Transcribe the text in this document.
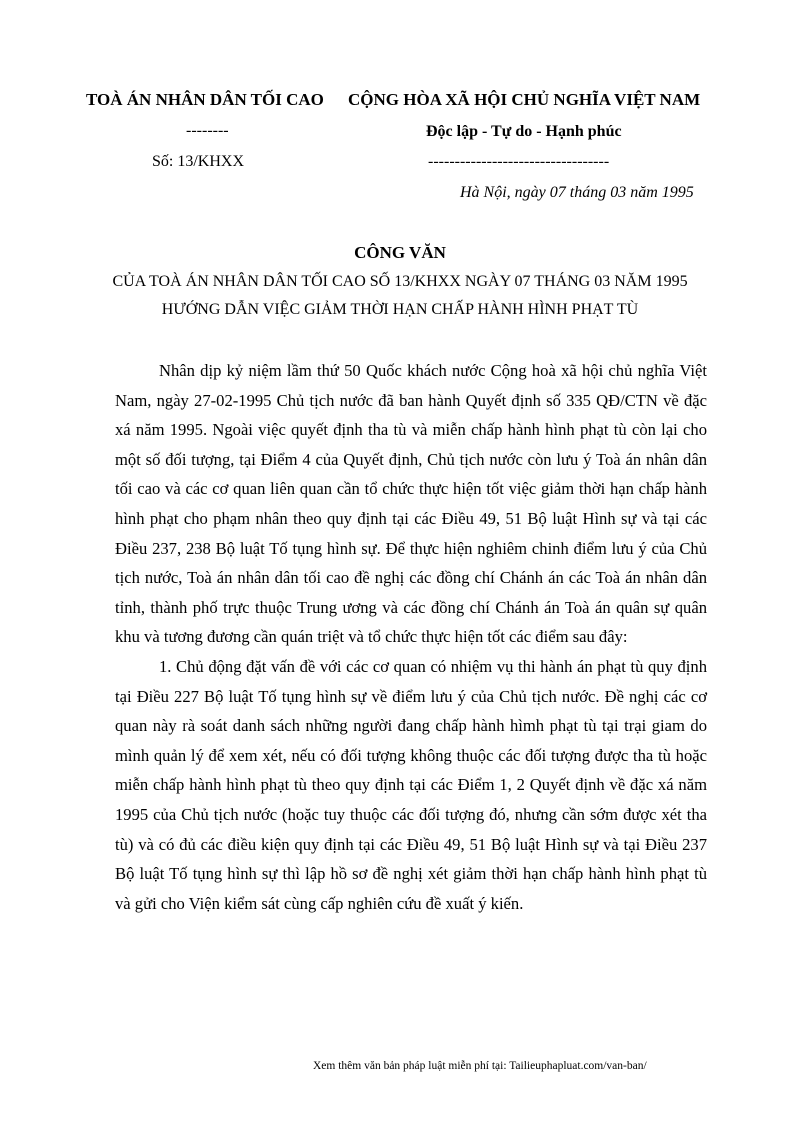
TOÀ ÁN NHÂN DÂN TỐI CAO
--------
Số: 13/KHXX
CỘNG HÒA XÃ HỘI CHỦ NGHĨA VIỆT NAM
Độc lập - Tự do - Hạnh phúc
----------------------------------
Hà Nội, ngày 07 tháng 03 năm 1995
CÔNG VĂN
CỦA TOÀ ÁN NHÂN DÂN TỐI CAO SỐ 13/KHXX NGÀY 07 THÁNG 03 NĂM 1995
HƯỚNG DẪN VIỆC GIẢM THỜI HẠN CHẤP HÀNH HÌNH PHẠT TÙ

Nhân dịp kỷ niệm lầm thứ 50 Quốc khách nước Cộng hoà xã hội chủ nghĩa Việt Nam, ngày 27-02-1995 Chủ tịch nước đã ban hành Quyết định số 335 QĐ/CTN về đặc xá năm 1995. Ngoài việc quyết định tha tù và miễn chấp hành hình phạt tù còn lại cho một số đối tượng, tại Điểm 4 của Quyết định, Chủ tịch nước còn lưu ý Toà án nhân dân tối cao và các cơ quan liên quan cần tổ chức thực hiện tốt việc giảm thời hạn chấp hành hình phạt cho phạm nhân theo quy định tại các Điều 49, 51 Bộ luật Hình sự và tại các Điều 237, 238 Bộ luật Tố tụng hình sự. Để thực hiện nghiêm chinh điểm lưu ý của Chủ tịch nước, Toà án nhân dân tối cao đề nghị các đồng chí Chánh án các Toà án nhân dân tỉnh, thành phố trực thuộc Trung ương và các đồng chí Chánh án Toà án quân sự quân khu và tương đương cần quán triệt và tổ chức thực hiện tốt các điểm sau đây:

1. Chủ động đặt vấn đề với các cơ quan có nhiệm vụ thi hành án phạt tù quy định tại Điều 227 Bộ luật Tố tụng hình sự về điểm lưu ý của Chủ tịch nước. Đề nghị các cơ quan này rà soát danh sách những người đang chấp hành hìmh phạt tù tại trại giam do mình quản lý để xem xét, nếu có đối tượng không thuộc các đối tượng được tha tù hoặc miễn chấp hành hình phạt tù theo quy định tại các Điểm 1, 2 Quyết định về đặc xá năm 1995 của Chủ tịch nước (hoặc tuy thuộc các đối tượng đó, nhưng cần sớm được xét tha tù) và có đủ các điều kiện quy định tại các Điều 49, 51 Bộ luật Hình sự và tại Điều 237 Bộ luật Tố tụng hình sự thì lập hồ sơ đề nghị xét giảm thời hạn chấp hành hình phạt tù và gửi cho Viện kiểm sát cùng cấp nghiên cứu đề xuất ý kiến.

Xem thêm văn bản pháp luật miễn phí tại: Tailieuphapluat.com/van-ban/
